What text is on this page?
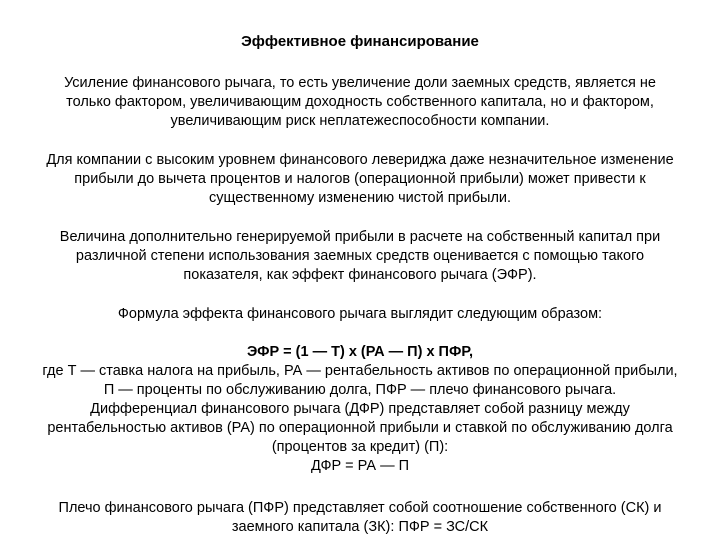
Эффективное финансирование
Усиление финансового рычага, то есть увеличение доли заемных средств, является не
только фактором, увеличивающим доходность собственного капитала, но и фактором,
увеличивающим риск неплатежеспособности компании.
Для компании с высоким уровнем финансового левериджа даже незначительное изменение
прибыли до вычета процентов и налогов (операционной прибыли) может привести к
существенному изменению чистой прибыли.
Величина дополнительно генерируемой прибыли в расчете на собственный капитал при
различной степени использования заемных средств оценивается с помощью такого
показателя, как эффект финансового рычага (ЭФР).
Формула эффекта финансового рычага выглядит следующим образом:
ЭФР = (1 — Т) х (РА — П) х ПФР,
где Т — ставка налога на прибыль, РА — рентабельность активов по операционной прибыли,
П — проценты по обслуживанию долга, ПФР — плечо финансового рычага.
Дифференциал финансового рычага (ДФР) представляет собой разницу между
рентабельностью активов (РА) по операционной прибыли и ставкой по обслуживанию долга
(процентов за кредит) (П):
ДФР = РА — П
Плечо финансового рычага (ПФР) представляет собой соотношение собственного (СК) и
заемного капитала (ЗК): ПФР = ЗС/СК
